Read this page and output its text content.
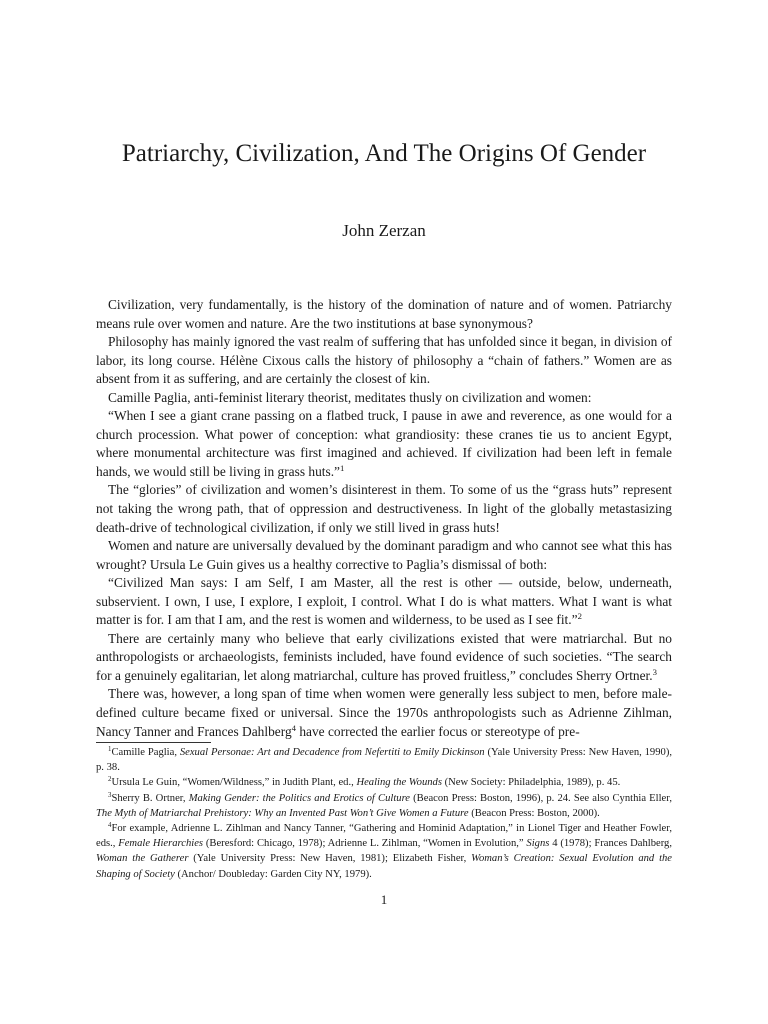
Patriarchy, Civilization, And The Origins Of Gender
John Zerzan

Civilization, very fundamentally, is the history of the domination of nature and of women. Patriarchy means rule over women and nature. Are the two institutions at base synonymous?

Philosophy has mainly ignored the vast realm of suffering that has unfolded since it began, in division of labor, its long course. Hélène Cixous calls the history of philosophy a “chain of fathers.” Women are as absent from it as suffering, and are certainly the closest of kin.

Camille Paglia, anti-feminist literary theorist, meditates thusly on civilization and women:

“When I see a giant crane passing on a flatbed truck, I pause in awe and reverence, as one would for a church procession. What power of conception: what grandiosity: these cranes tie us to ancient Egypt, where monumental architecture was first imagined and achieved. If civilization had been left in female hands, we would still be living in grass huts.”$^1$

The “glories” of civilization and women’s disinterest in them. To some of us the “grass huts” represent not taking the wrong path, that of oppression and destructiveness. In light of the globally metastasizing death-drive of technological civilization, if only we still lived in grass huts!

Women and nature are universally devalued by the dominant paradigm and who cannot see what this has wrought? Ursula Le Guin gives us a healthy corrective to Paglia’s dismissal of both:

“Civilized Man says: I am Self, I am Master, all the rest is other — outside, below, underneath, subservient. I own, I use, I explore, I exploit, I control. What I do is what matters. What I want is what matter is for. I am that I am, and the rest is women and wilderness, to be used as I see fit.”$^2$

There are certainly many who believe that early civilizations existed that were matriarchal. But no anthropologists or archaeologists, feminists included, have found evidence of such societies. “The search for a genuinely egalitarian, let along matriarchal, culture has proved fruitless,” concludes Sherry Ortner.$^3$

There was, however, a long span of time when women were generally less subject to men, before male-defined culture became fixed or universal. Since the 1970s anthropologists such as Adrienne Zihlman, Nancy Tanner and Frances Dahlberg$^4$ have corrected the earlier focus or stereotype of pre-

$^1$Camille Paglia, Sexual Personae: Art and Decadence from Nefertiti to Emily Dickinson (Yale University Press: New Haven, 1990), p. 38.

$^2$Ursula Le Guin, “Women/Wildness,” in Judith Plant, ed., Healing the Wounds (New Society: Philadelphia, 1989), p. 45.

$^3$Sherry B. Ortner, Making Gender: the Politics and Erotics of Culture (Beacon Press: Boston, 1996), p. 24. See also Cynthia Eller, The Myth of Matriarchal Prehistory: Why an Invented Past Won’t Give Women a Future (Beacon Press: Boston, 2000).

$^4$For example, Adrienne L. Zihlman and Nancy Tanner, “Gathering and Hominid Adaptation,” in Lionel Tiger and Heather Fowler, eds., Female Hierarchies (Beresford: Chicago, 1978); Adrienne L. Zihlman, “Women in Evolution,” Signs 4 (1978); Frances Dahlberg, Woman the Gatherer (Yale University Press: New Haven, 1981); Elizabeth Fisher, Woman’s Creation: Sexual Evolution and the Shaping of Society (Anchor/ Doubleday: Garden City NY, 1979).

1
